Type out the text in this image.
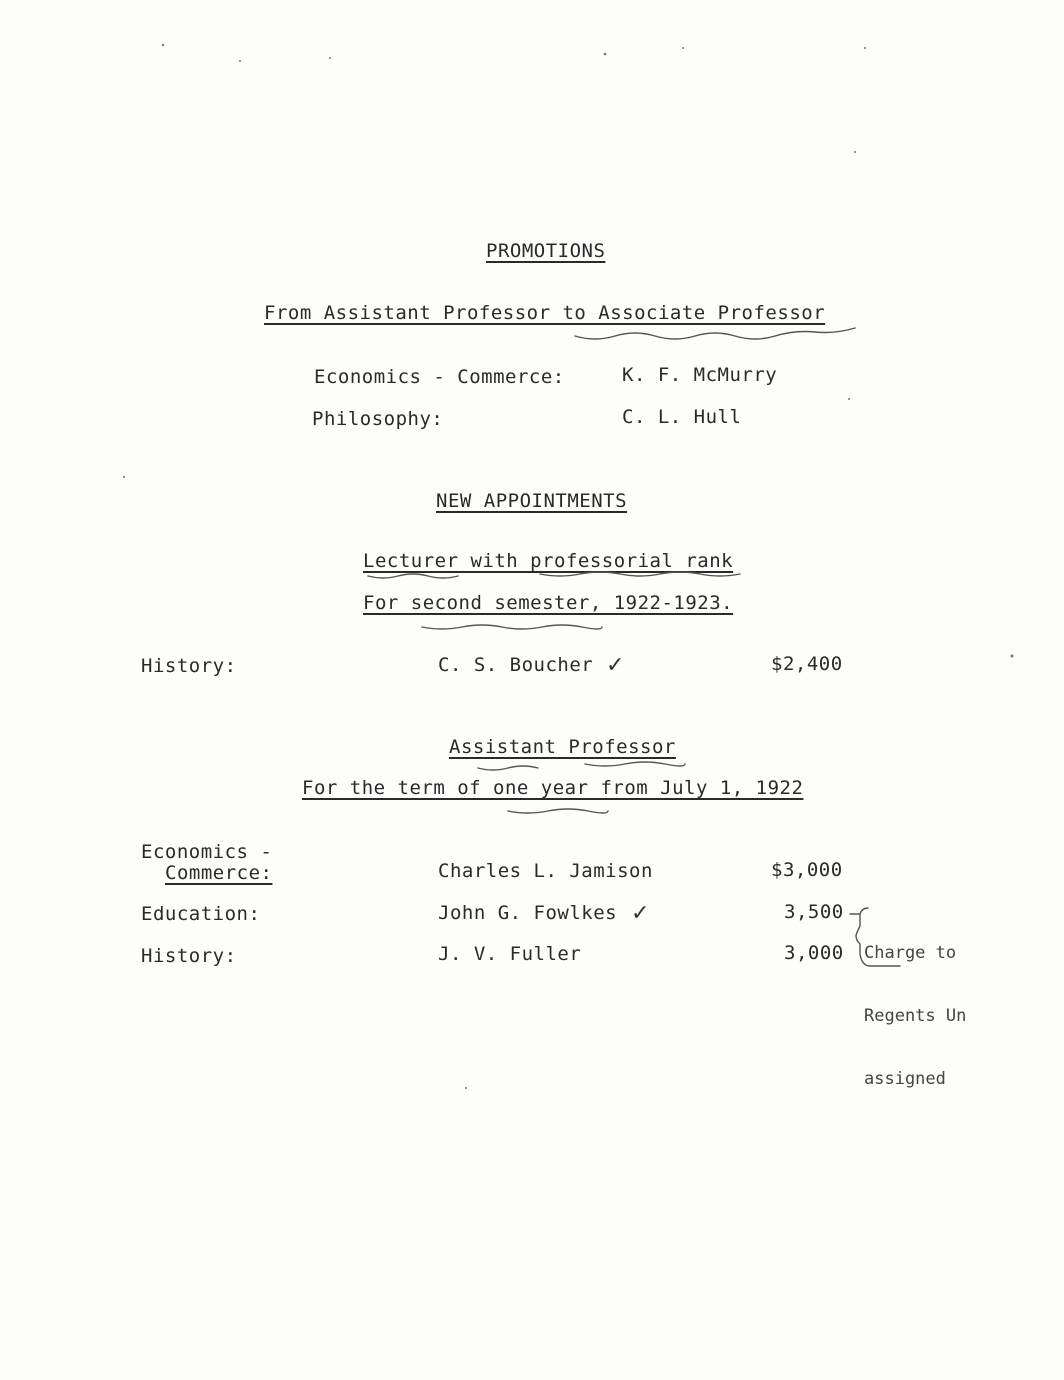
PROMOTIONS
From Assistant Professor to Associate Professor
Economics - Commerce:	K. F. McMurry
Philosophy:	C. L. Hull
NEW APPOINTMENTS
Lecturer with professorial rank
For second semester, 1922-1923.
History:	C. S. Boucher ✓	$2,400
Assistant Professor
For the term of one year from July 1, 1922
Economics -
Commerce:	Charles L. Jamison	$3,000
Education:	John G. Fowlkes ✓	3,500
History:	J. V. Fuller	3,000

Charge to

Regents Un

assigned
